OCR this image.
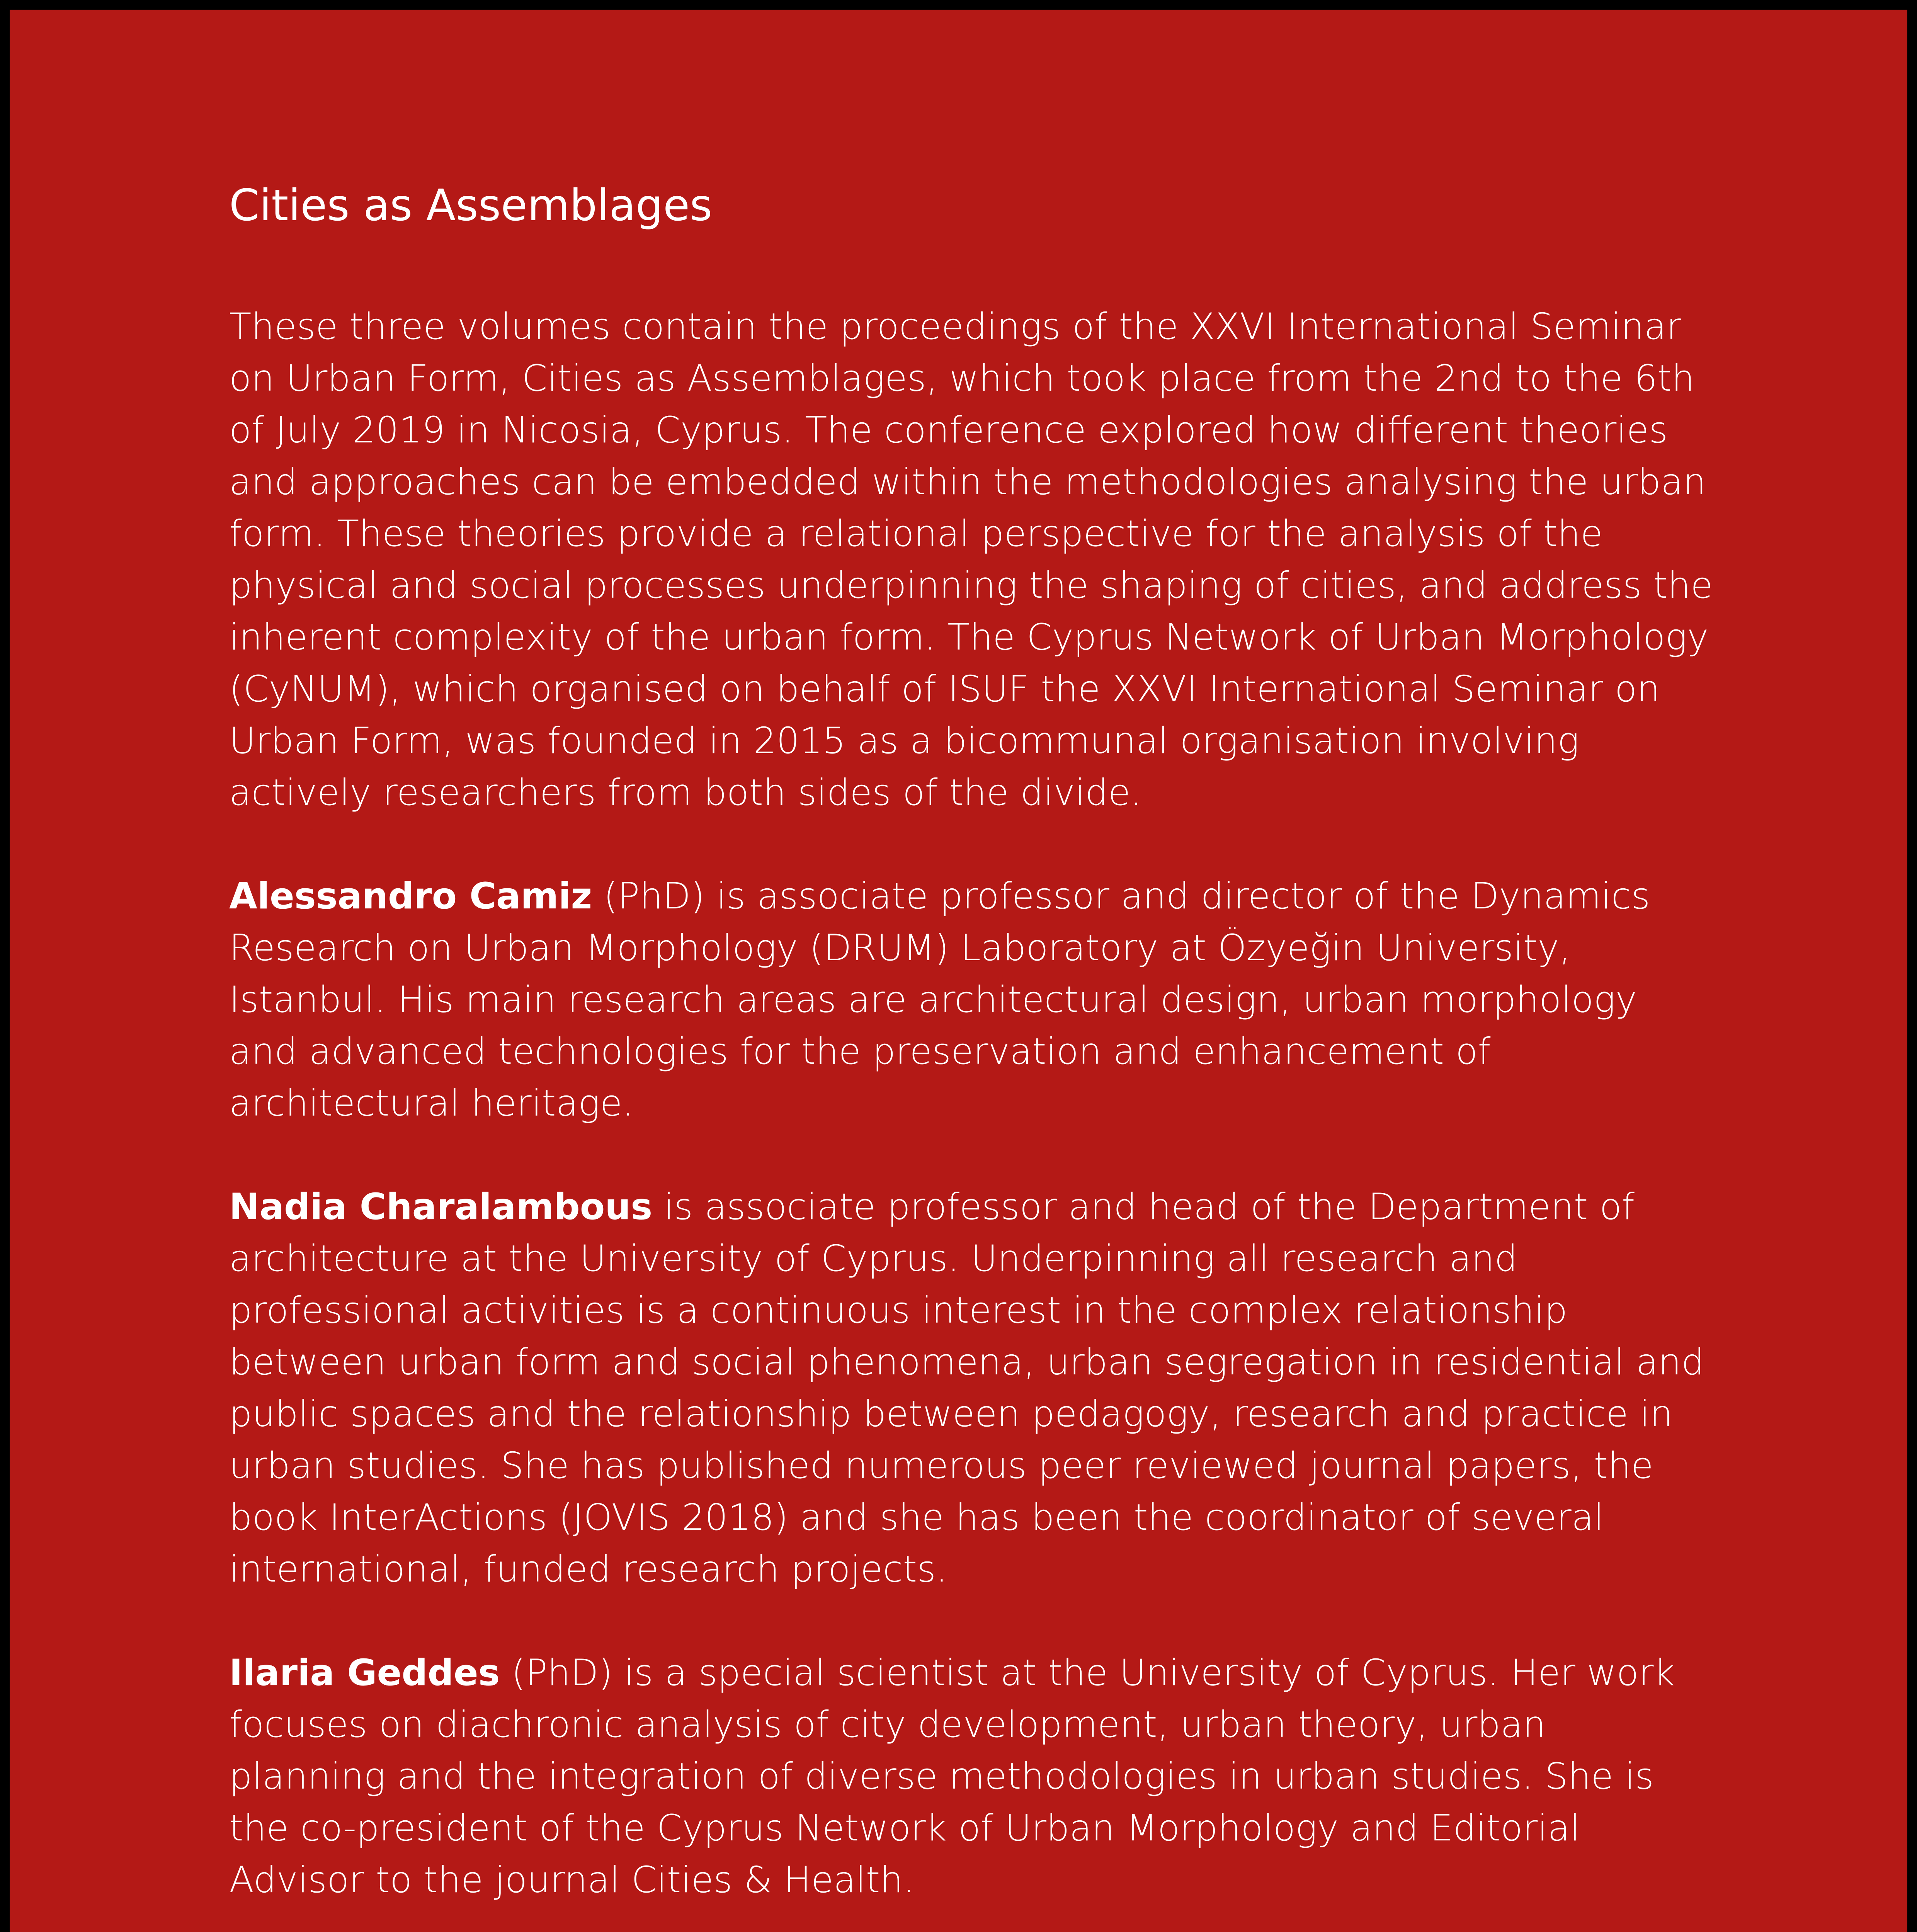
Cities as Assemblages

These three volumes contain the proceedings of the XXVI International Seminar on Urban Form, Cities as Assemblages, which took place from the 2nd to the 6th of July 2019 in Nicosia, Cyprus. The conference explored how different theories and approaches can be embedded within the methodologies analysing the urban form. These theories provide a relational perspective for the analysis of the physical and social processes underpinning the shaping of cities, and address the inherent complexity of the urban form. The Cyprus Network of Urban Morphology (CyNUM), which organised on behalf of ISUF the XXVI International Seminar on Urban Form, was founded in 2015 as a bicommunal organisation involving actively researchers from both sides of the divide.

Alessandro Camiz (PhD) is associate professor and director of the Dynamics Research on Urban Morphology (DRUM) Laboratory at Özyeğin University, Istanbul. His main research areas are architectural design, urban morphology and advanced technologies for the preservation and enhancement of architectural heritage.

Nadia Charalambous is associate professor and head of the Department of architecture at the University of Cyprus. Underpinning all research and professional activities is a continuous interest in the complex relationship between urban form and social phenomena, urban segregation in residential and public spaces and the relationship between pedagogy, research and practice in urban studies. She has published numerous peer reviewed journal papers, the book InterActions (JOVIS 2018) and she has been the coordinator of several international, funded research projects.

Ilaria Geddes (PhD) is a special scientist at the University of Cyprus. Her work focuses on diachronic analysis of city development, urban theory, urban planning and the integration of diverse methodologies in urban studies. She is the co-president of the Cyprus Network of Urban Morphology and Editorial Advisor to the journal Cities & Health.
